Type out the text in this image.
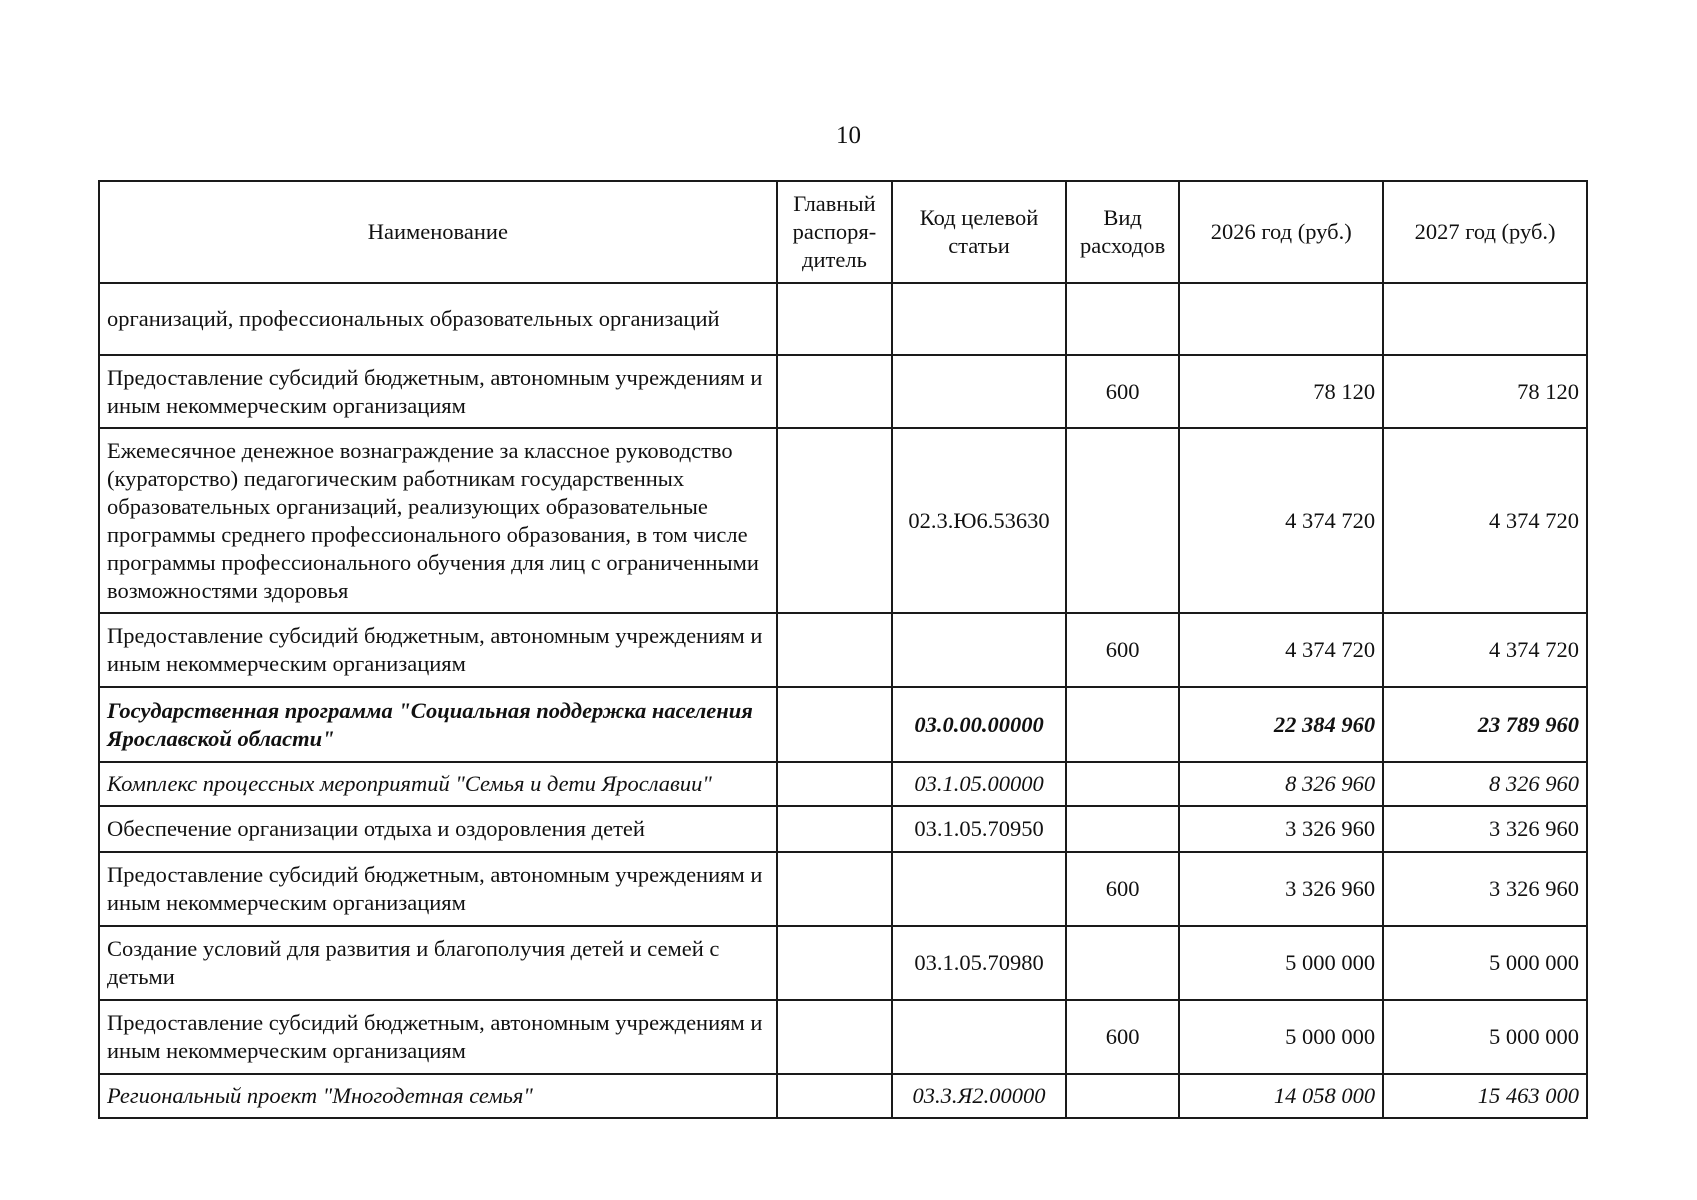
10
Наименование	Главный распоря-дитель	Код целевой статьи	Вид расходов	2026 год (руб.)	2027 год (руб.)
организаций, профессиональных образовательных организаций					
Предоставление субсидий бюджетным, автономным учреждениям и иным некоммерческим организациям			600	78 120	78 120
Ежемесячное денежное вознаграждение за классное руководство (кураторство) педагогическим работникам государственных образовательных организаций, реализующих образовательные программы среднего профессионального образования, в том числе программы профессионального обучения для лиц с ограниченными возможностями здоровья		02.3.Ю6.53630		4 374 720	4 374 720
Предоставление субсидий бюджетным, автономным учреждениям и иным некоммерческим организациям			600	4 374 720	4 374 720
Государственная программа "Социальная поддержка населения Ярославской области"		03.0.00.00000		22 384 960	23 789 960
Комплекс процессных мероприятий "Семья и дети Ярославии"		03.1.05.00000		8 326 960	8 326 960
Обеспечение организации отдыха и оздоровления детей		03.1.05.70950		3 326 960	3 326 960
Предоставление субсидий бюджетным, автономным учреждениям и иным некоммерческим организациям			600	3 326 960	3 326 960
Создание условий для развития и благополучия детей и семей с детьми		03.1.05.70980		5 000 000	5 000 000
Предоставление субсидий бюджетным, автономным учреждениям и иным некоммерческим организациям			600	5 000 000	5 000 000
Региональный проект "Многодетная семья"		03.3.Я2.00000		14 058 000	15 463 000
